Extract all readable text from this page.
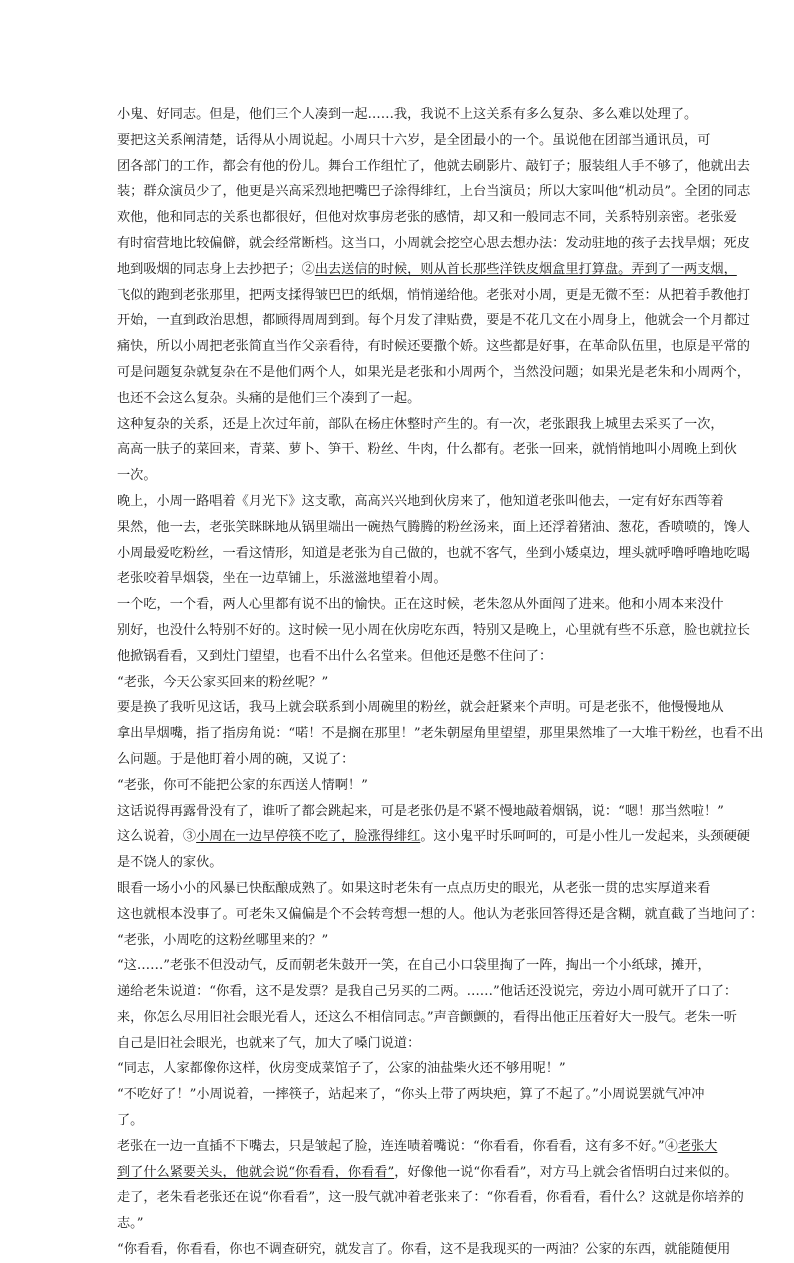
小鬼、好同志。但是，他们三个人凑到一起……我，我说不上这关系有多么复杂、多么难以处理了。
要把这关系阐清楚，话得从小周说起。小周只十六岁，是全团最小的一个。虽说他在团部当通讯员，可
团各部门的工作，都会有他的份儿。舞台工作组忙了，他就去刷影片、敲钉子；服装组人手不够了，他就出去
装；群众演员少了，他更是兴高采烈地把嘴巴子涂得绯红，上台当演员；所以大家叫他“机动员”。全团的同志
欢他，他和同志的关系也都很好，但他对炊事房老张的感情，却又和一般同志不同，关系特别亲密。老张爱
有时宿营地比较偏僻，就会经常断档。这当口，小周就会挖空心思去想办法：发动驻地的孩子去找旱烟；死皮
地到吸烟的同志身上去抄把子；②出去送信的时候，则从首长那些洋铁皮烟盒里打算盘。弄到了一两支烟，
飞似的跑到老张那里，把两支揉得皱巴巴的纸烟，悄悄递给他。老张对小周，更是无微不至：从把着手教他打
开始，一直到政治思想，都顾得周周到到。每个月发了津贴费，要是不花几文在小周身上，他就会一个月都过
痛快，所以小周把老张简直当作父亲看待，有时候还要撒个娇。这些都是好事，在革命队伍里，也原是平常的
可是问题复杂就复杂在不是他们两个人，如果光是老张和小周两个，当然没问题；如果光是老朱和小周两个，
也还不会这么复杂。头痛的是他们三个凑到了一起。
这种复杂的关系，还是上次过年前，部队在杨庄休整时产生的。有一次，老张跟我上城里去采买了一次，
高高一肤子的菜回来，青菜、萝卜、笋干、粉丝、牛肉，什么都有。老张一回来，就悄悄地叫小周晚上到伙
一次。
晚上，小周一路唱着《月光下》这支歌，高高兴兴地到伙房来了，他知道老张叫他去，一定有好东西等着
果然，他一去，老张笑眯眯地从锅里端出一碗热气腾腾的粉丝汤来，面上还浮着猪油、葱花，香喷喷的，馋人
小周最爱吃粉丝，一看这情形，知道是老张为自己做的，也就不客气，坐到小矮桌边，埋头就呼噜呼噜地吃喝
老张咬着旱烟袋，坐在一边草铺上，乐滋滋地望着小周。
一个吃，一个看，两人心里都有说不出的愉快。正在这时候，老朱忽从外面闯了进来。他和小周本来没什
别好，也没什么特别不好的。这时候一见小周在伙房吃东西，特别又是晚上，心里就有些不乐意，脸也就拉长
他掀锅看看，又到灶门望望，也看不出什么名堂来。但他还是憋不住问了：
“老张，今天公家买回来的粉丝呢？”
要是换了我听见这话，我马上就会联系到小周碗里的粉丝，就会赶紧来个声明。可是老张不，他慢慢地从
拿出旱烟嘴，指了指房角说：“喏！不是搁在那里！”老朱朝屋角里望望，那里果然堆了一大堆干粉丝，也看不出
么问题。于是他盯着小周的碗，又说了：
“老张，你可不能把公家的东西送人情啊！”
这话说得再露骨没有了，谁听了都会跳起来，可是老张仍是不紧不慢地敲着烟锅，说：“嗯！那当然啦！”
这么说着，③小周在一边早停筷不吃了，脸涨得绯红。这小鬼平时乐呵呵的，可是小性儿一发起来，头颈硬硬
是不饶人的家伙。
眼看一场小小的风暴已快酝酿成熟了。如果这时老朱有一点点历史的眼光，从老张一贯的忠实厚道来看
这也就根本没事了。可老朱又偏偏是个不会转弯想一想的人。他认为老张回答得还是含糊，就直截了当地问了：
“老张，小周吃的这粉丝哪里来的？”
“这……”老张不但没动气，反而朝老朱鼓开一笑，在自己小口袋里掏了一阵，掏出一个小纸球，摊开，
递给老朱说道：“你看，这不是发票？是我自己另买的二两。……”他话还没说完，旁边小周可就开了口了：
来，你怎么尽用旧社会眼光看人，还这么不相信同志。”声音颤颤的，看得出他正压着好大一股气。老朱一听
自己是旧社会眼光，也就来了气，加大了嗓门说道：
“同志，人家都像你这样，伙房变成菜馆子了，公家的油盐柴火还不够用呢！”
“不吃好了！”小周说着，一摔筷子，站起来了，“你头上带了两块疤，算了不起了。”小周说罢就气冲冲
了。
老张在一边一直插不下嘴去，只是皱起了脸，连连啧着嘴说：“你看看，你看看，这有多不好。”④老张大
到了什么紧要关头，他就会说“你看看，你看看”，好像他一说“你看看”，对方马上就会省悟明白过来似的。
走了，老朱看老张还在说“你看看”，这一股气就冲着老张来了：“你看看，你看看，看什么？这就是你培养的
志。”
“你看看，你看看，你也不调查研究，就发言了。你看，这不是我现买的一两油？公家的东西，就能随便用
